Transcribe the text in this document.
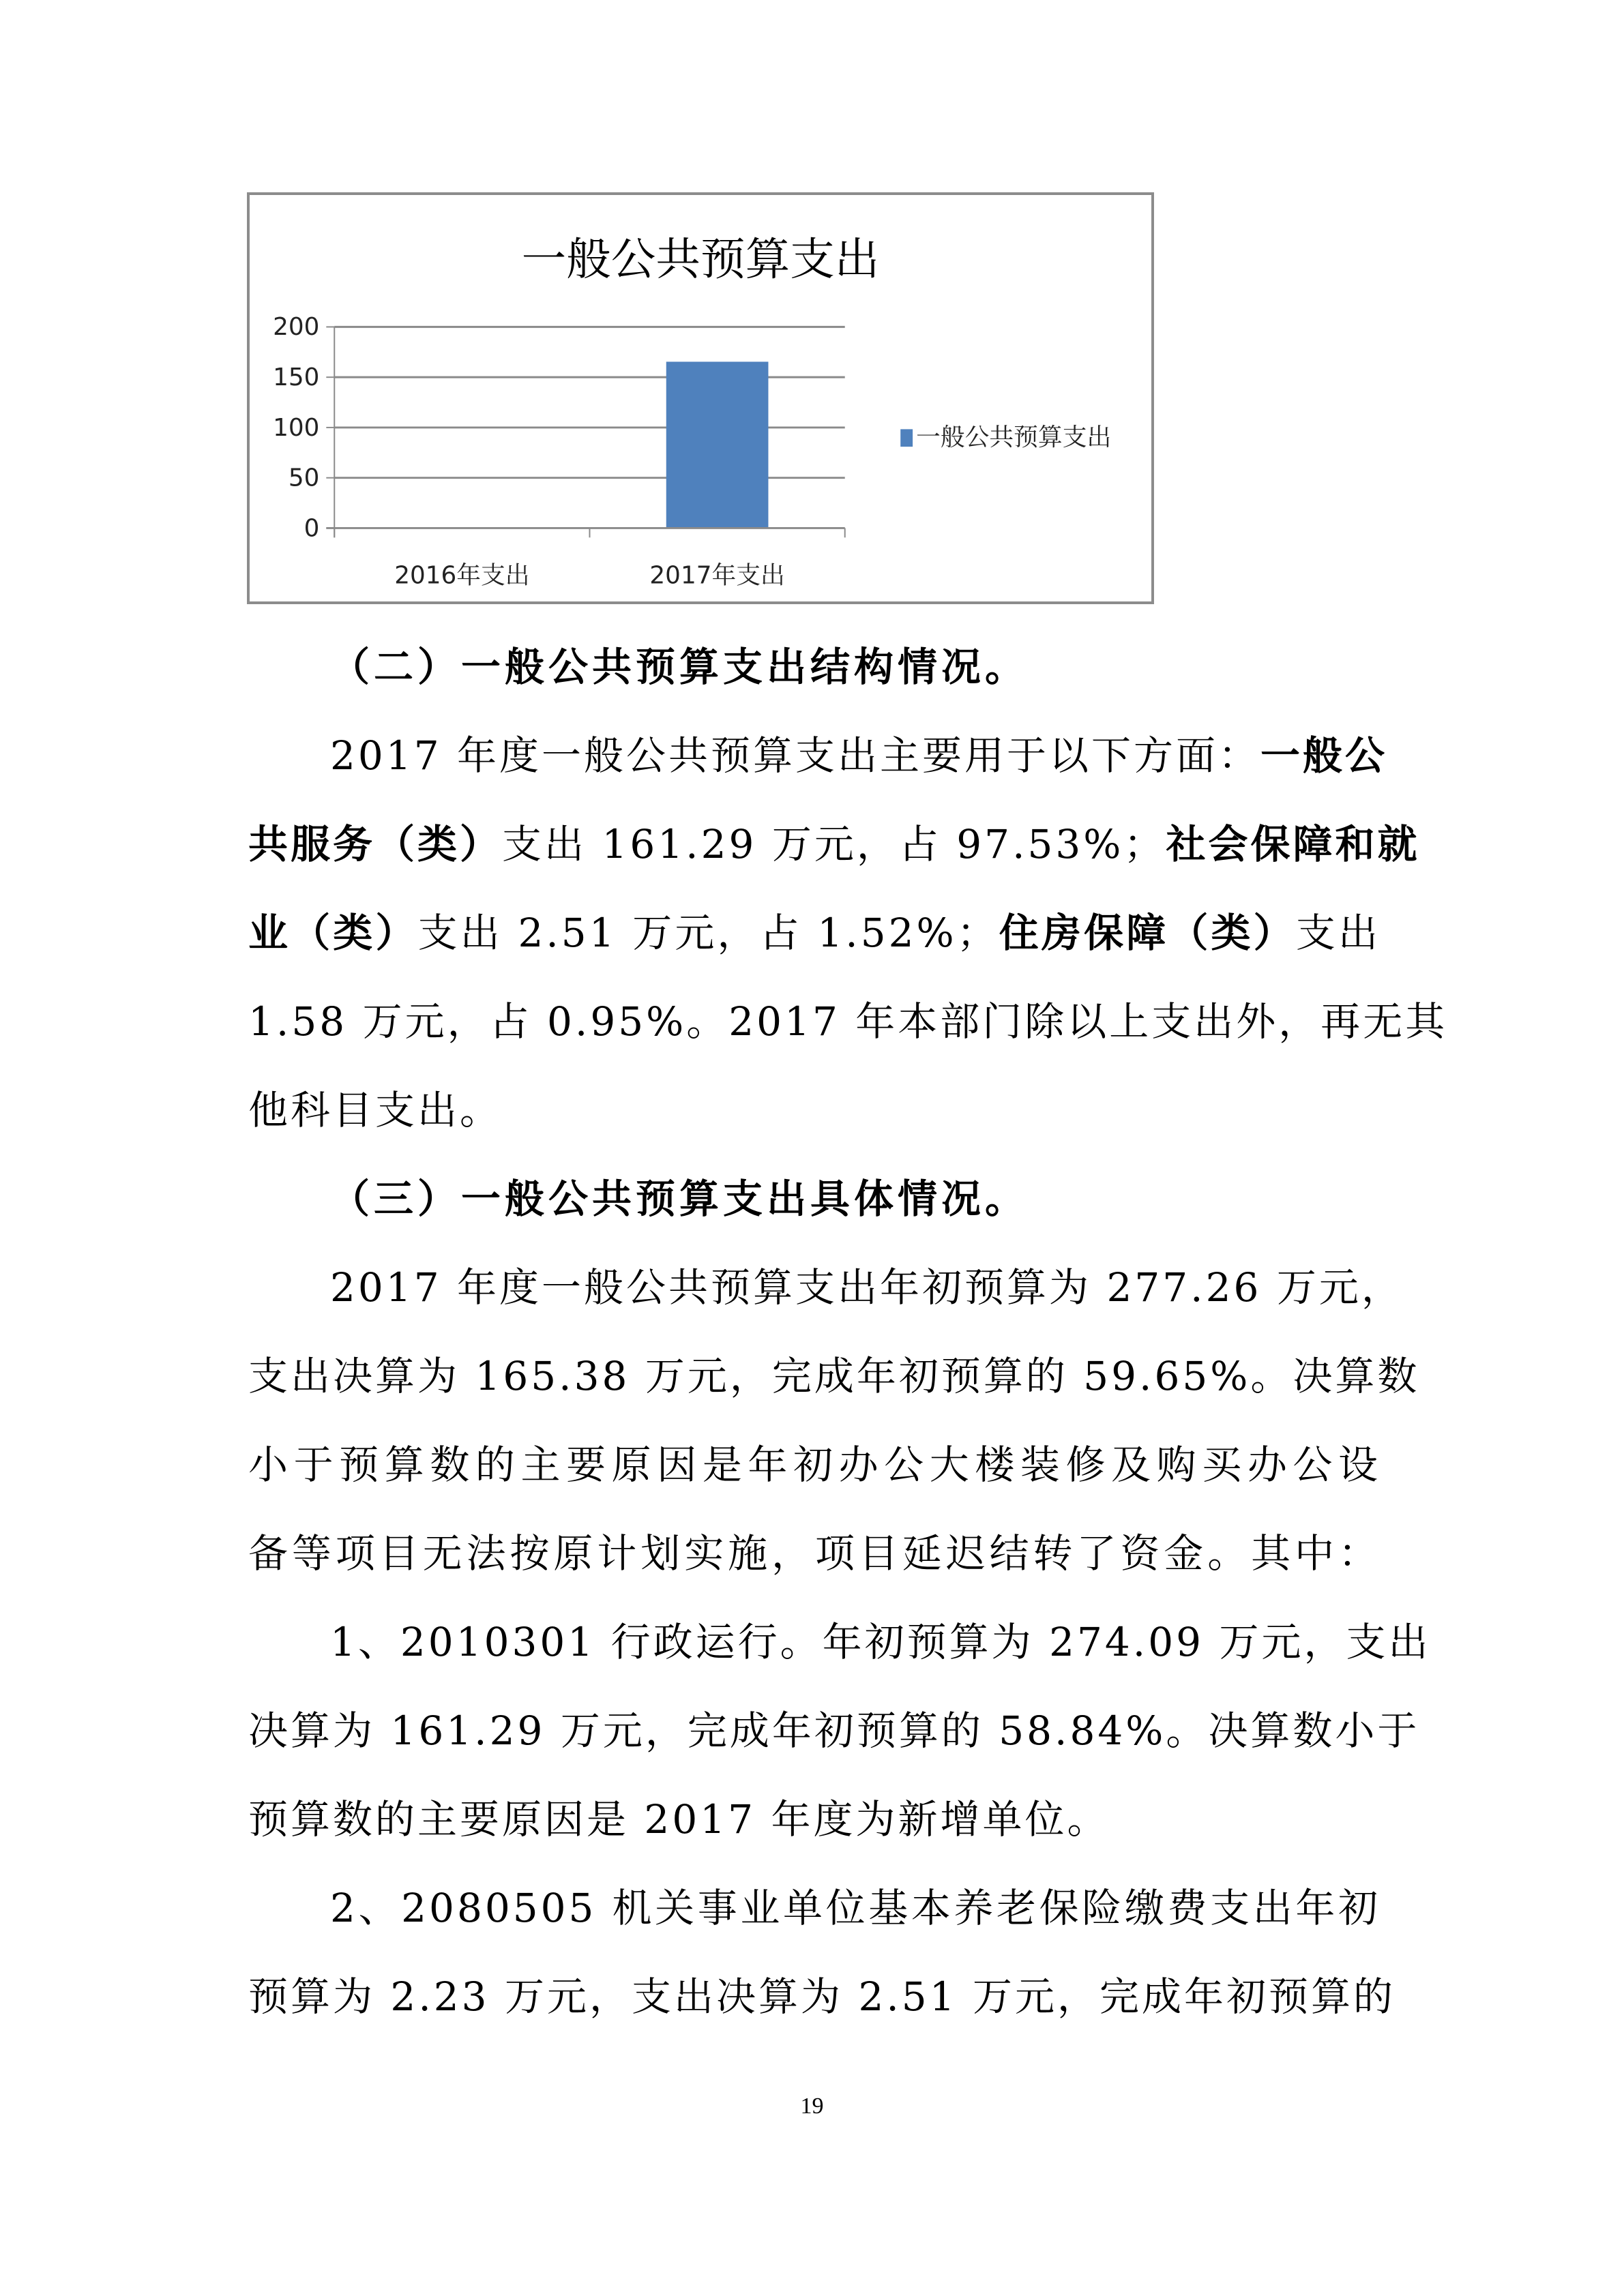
一般公共预算支出
0
50
100
150
200
2016年支出	2017年支出
一般公共预算支出
（二）一般公共预算支出结构情况。
2017 年度一般公共预算支出主要用于以下方面：一般公
共服务（类）支出 161.29 万元，占 97.53%；社会保障和就
业（类）支出 2.51 万元，占 1.52%；住房保障（类）支出
1.58 万元，占 0.95%。2017 年本部门除以上支出外，再无其
他科目支出。
（三）一般公共预算支出具体情况。
2017 年度一般公共预算支出年初预算为 277.26 万元，
支出决算为 165.38 万元，完成年初预算的 59.65%。决算数
小于预算数的主要原因是年初办公大楼装修及购买办公设
备等项目无法按原计划实施，项目延迟结转了资金。其中：
1、2010301 行政运行。年初预算为 274.09 万元，支出
决算为 161.29 万元，完成年初预算的 58.84%。决算数小于
预算数的主要原因是 2017 年度为新增单位。
2、2080505 机关事业单位基本养老保险缴费支出年初
预算为 2.23 万元，支出决算为 2.51 万元，完成年初预算的
19
